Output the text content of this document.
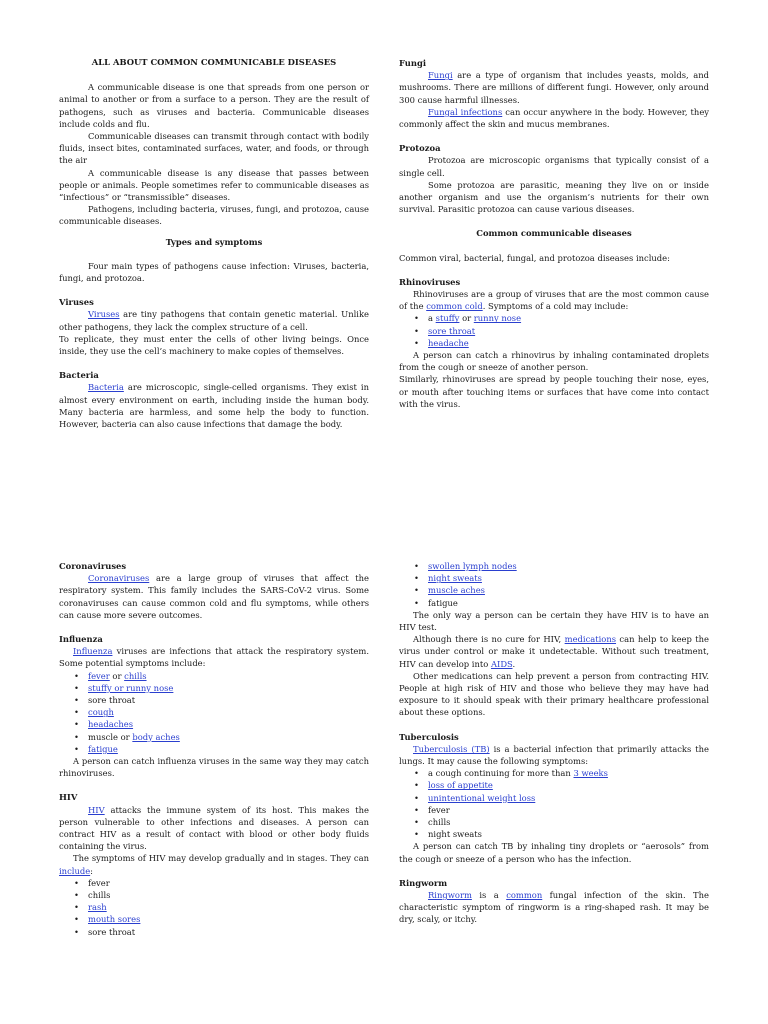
ALL ABOUT COMMON COMMUNICABLE DISEASES

A communicable disease is one that spreads from one person or animal to another or from a surface to a person. They are the result of pathogens, such as viruses and bacteria. Communicable diseases include colds and flu.

Communicable diseases can transmit through contact with bodily fluids, insect bites, contaminated surfaces, water, and foods, or through the air

A communicable disease is any disease that passes between people or animals. People sometimes refer to communicable diseases as “infectious” or “transmissible” diseases.

Pathogens, including bacteria, viruses, fungi, and protozoa, cause communicable diseases.

Types and symptoms

Four main types of pathogens cause infection: Viruses, bacteria, fungi, and protozoa.

Viruses

Viruses are tiny pathogens that contain genetic material. Unlike other pathogens, they lack the complex structure of a cell.

To replicate, they must enter the cells of other living beings. Once inside, they use the cell’s machinery to make copies of themselves.

Bacteria

Bacteria are microscopic, single-celled organisms. They exist in almost every environment on earth, including inside the human body. Many bacteria are harmless, and some help the body to function. However, bacteria can also cause infections that damage the body.

Fungi

Fungi are a type of organism that includes yeasts, molds, and mushrooms. There are millions of different fungi. However, only around 300 cause harmful illnesses.

Fungal infections can occur anywhere in the body. However, they commonly affect the skin and mucus membranes.

Protozoa

Protozoa are microscopic organisms that typically consist of a single cell.

Some protozoa are parasitic, meaning they live on or inside another organism and use the organism’s nutrients for their own survival. Parasitic protozoa can cause various diseases.

Common communicable diseases

Common viral, bacterial, fungal, and protozoa diseases include:

Rhinoviruses

Rhinoviruses are a group of viruses that are the most common cause of the common cold. Symptoms of a cold may include:

• a stuffy or runny nose
• sore throat
• headache

A person can catch a rhinovirus by inhaling contaminated droplets from the cough or sneeze of another person.

Similarly, rhinoviruses are spread by people touching their nose, eyes, or mouth after touching items or surfaces that have come into contact with the virus.

Coronaviruses

Coronaviruses are a large group of viruses that affect the respiratory system. This family includes the SARS-CoV-2 virus. Some coronaviruses can cause common cold and flu symptoms, while others can cause more severe outcomes.

Influenza

Influenza viruses are infections that attack the respiratory system. Some potential symptoms include:

• fever or chills
• stuffy or runny nose
• sore throat
• cough
• headaches
• muscle or body aches
• fatigue

A person can catch influenza viruses in the same way they may catch rhinoviruses.

HIV

HIV attacks the immune system of its host. This makes the person vulnerable to other infections and diseases. A person can contract HIV as a result of contact with blood or other body fluids containing the virus.

The symptoms of HIV may develop gradually and in stages. They can include:

• fever
• chills
• rash
• mouth sores
• sore throat
• swollen lymph nodes
• night sweats
• muscle aches
• fatigue

The only way a person can be certain they have HIV is to have an HIV test.

Although there is no cure for HIV, medications can help to keep the virus under control or make it undetectable. Without such treatment, HIV can develop into AIDS.

Other medications can help prevent a person from contracting HIV. People at high risk of HIV and those who believe they may have had exposure to it should speak with their primary healthcare professional about these options.

Tuberculosis

Tuberculosis (TB) is a bacterial infection that primarily attacks the lungs. It may cause the following symptoms:

• a cough continuing for more than 3 weeks
• loss of appetite
• unintentional weight loss
• fever
• chills
• night sweats

A person can catch TB by inhaling tiny droplets or “aerosols” from the cough or sneeze of a person who has the infection.

Ringworm

Ringworm is a common fungal infection of the skin. The characteristic symptom of ringworm is a ring-shaped rash. It may be dry, scaly, or itchy.
